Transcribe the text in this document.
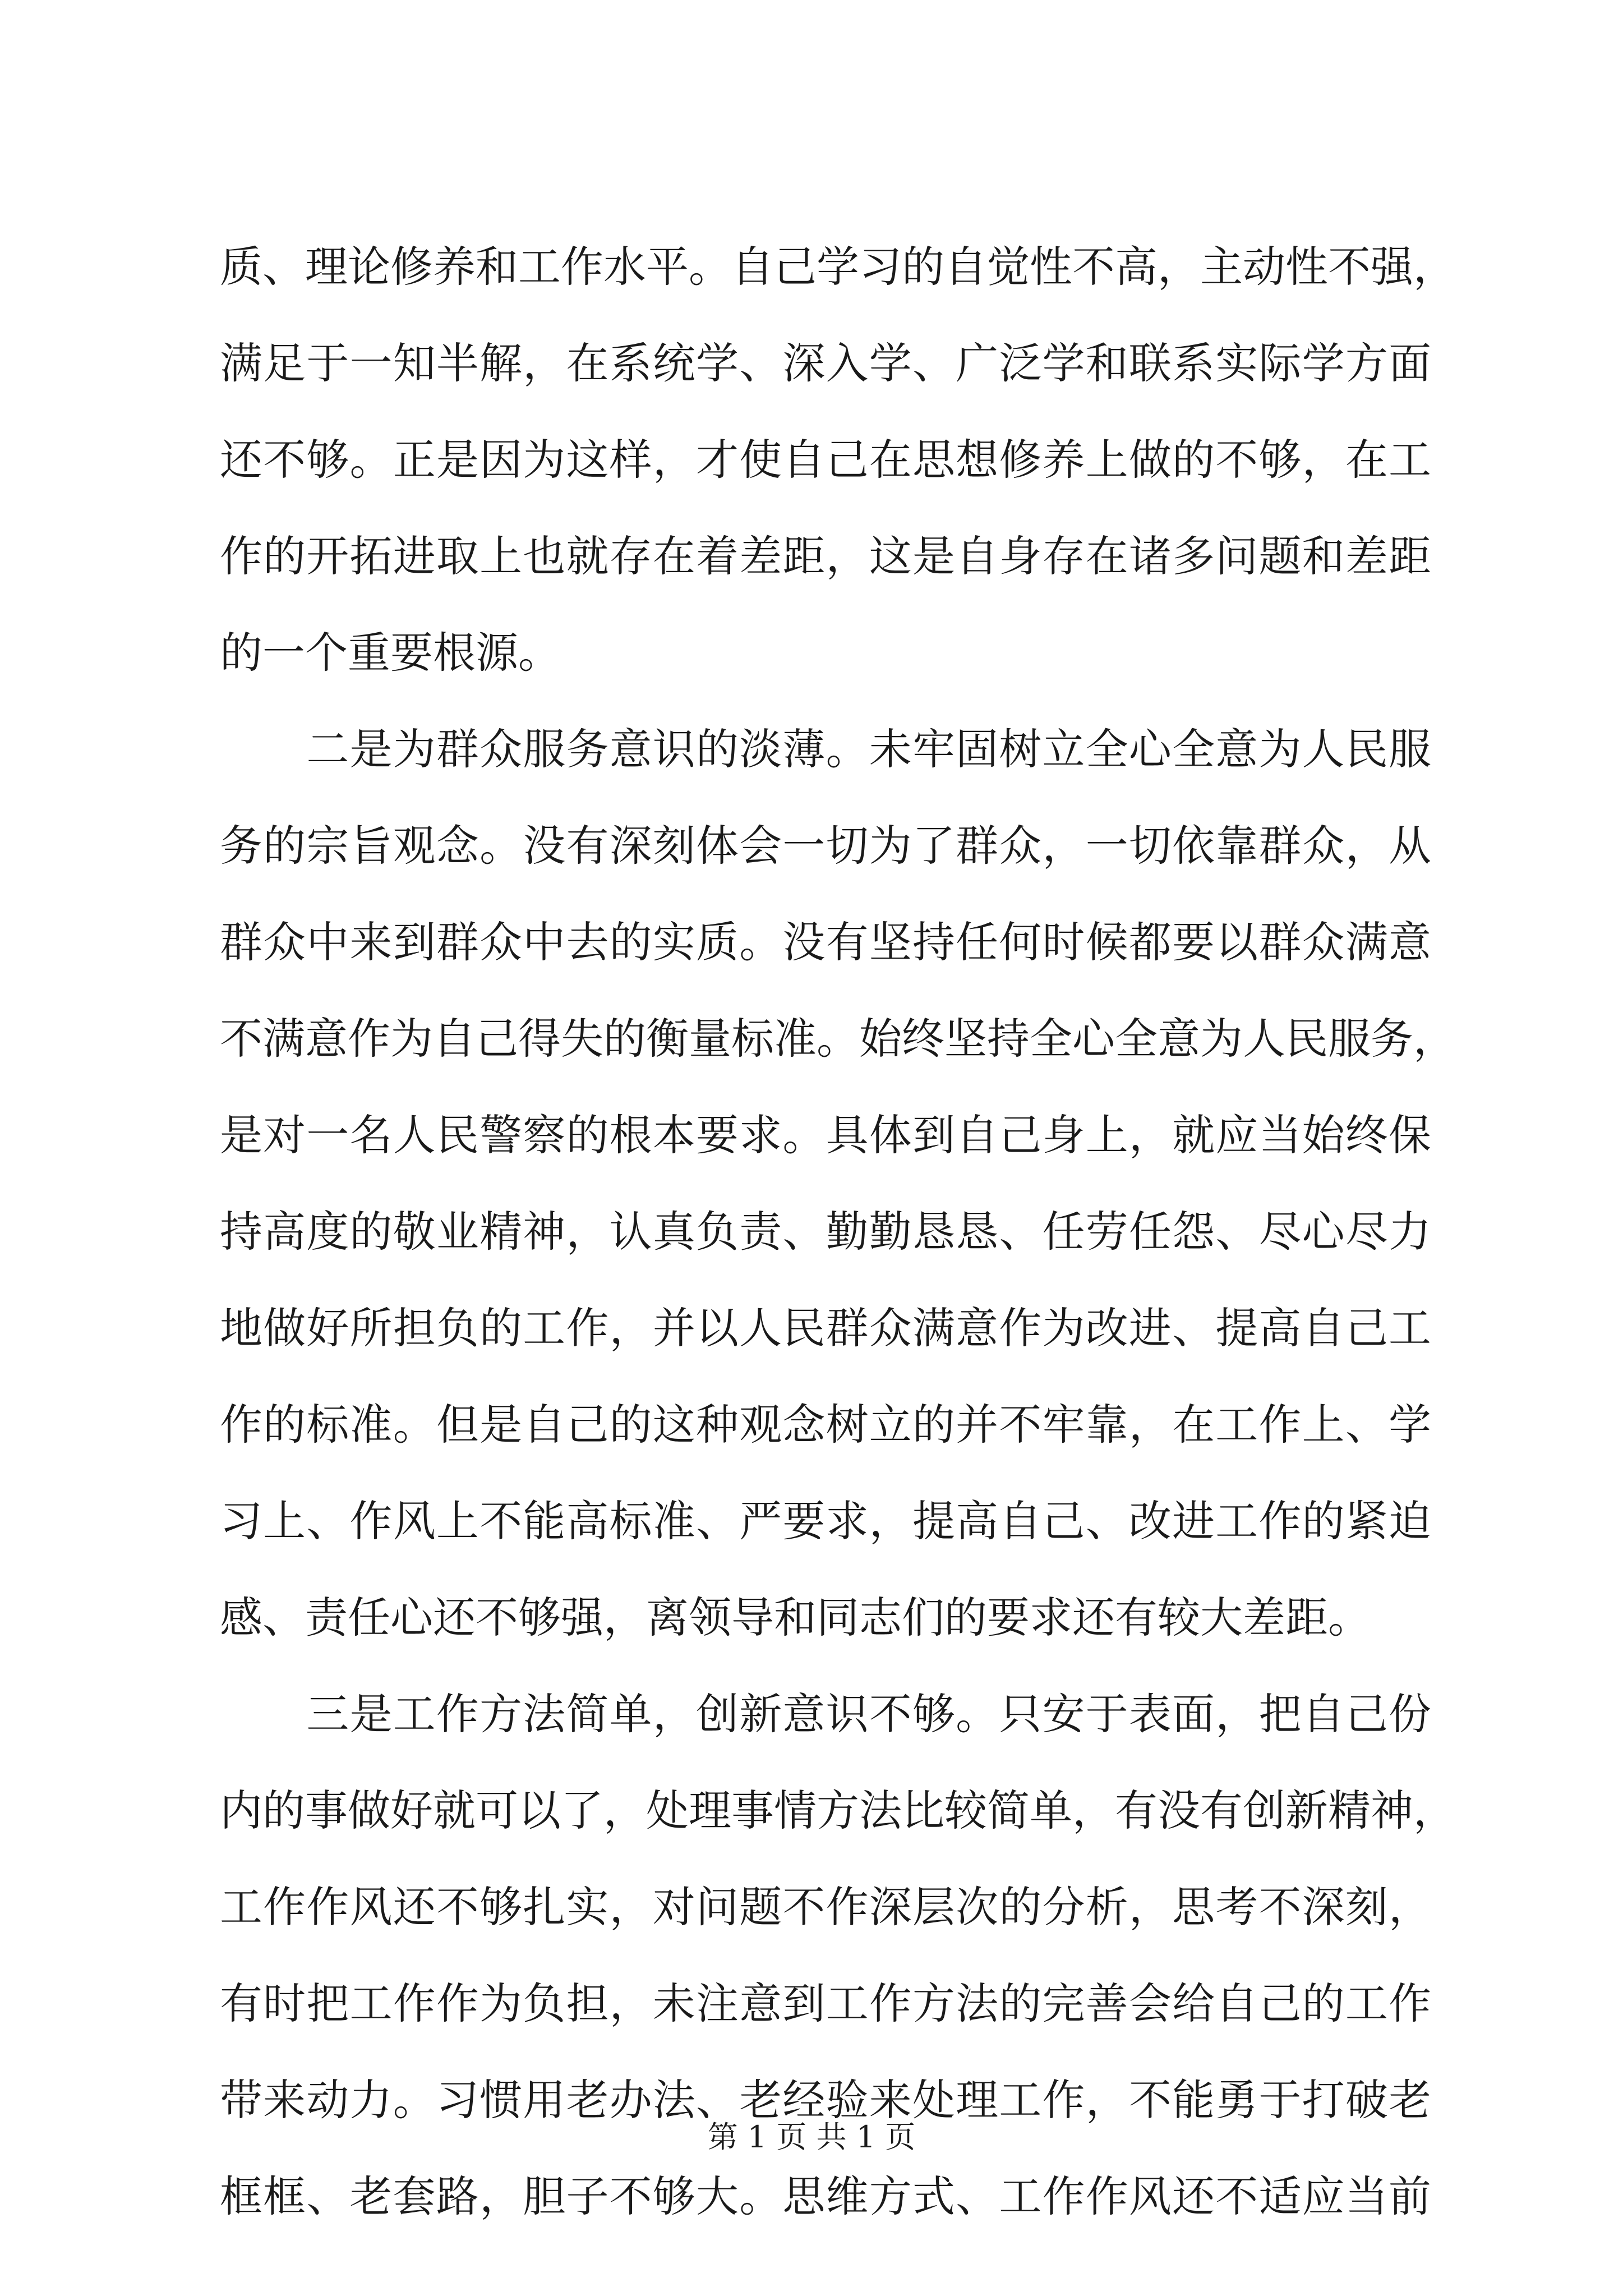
质、理论修养和工作水平。自己学习的自觉性不高，主动性不强，
满足于一知半解，在系统学、深入学、广泛学和联系实际学方面
还不够。正是因为这样，才使自己在思想修养上做的不够，在工
作的开拓进取上也就存在着差距，这是自身存在诸多问题和差距
的一个重要根源。
　　二是为群众服务意识的淡薄。未牢固树立全心全意为人民服
务的宗旨观念。没有深刻体会一切为了群众，一切依靠群众，从
群众中来到群众中去的实质。没有坚持任何时候都要以群众满意
不满意作为自己得失的衡量标准。始终坚持全心全意为人民服务，
是对一名人民警察的根本要求。具体到自己身上，就应当始终保
持高度的敬业精神，认真负责、勤勤恳恳、任劳任怨、尽心尽力
地做好所担负的工作，并以人民群众满意作为改进、提高自己工
作的标准。但是自己的这种观念树立的并不牢靠，在工作上、学
习上、作风上不能高标准、严要求，提高自己、改进工作的紧迫
感、责任心还不够强，离领导和同志们的要求还有较大差距。
　　三是工作方法简单，创新意识不够。只安于表面，把自己份
内的事做好就可以了，处理事情方法比较简单，有没有创新精神，
工作作风还不够扎实，对问题不作深层次的分析，思考不深刻，
有时把工作作为负担，未注意到工作方法的完善会给自己的工作
带来动力。习惯用老办法、老经验来处理工作，不能勇于打破老
框框、老套路，胆子不够大。思维方式、工作作风还不适应当前
第 1 页 共 1 页
